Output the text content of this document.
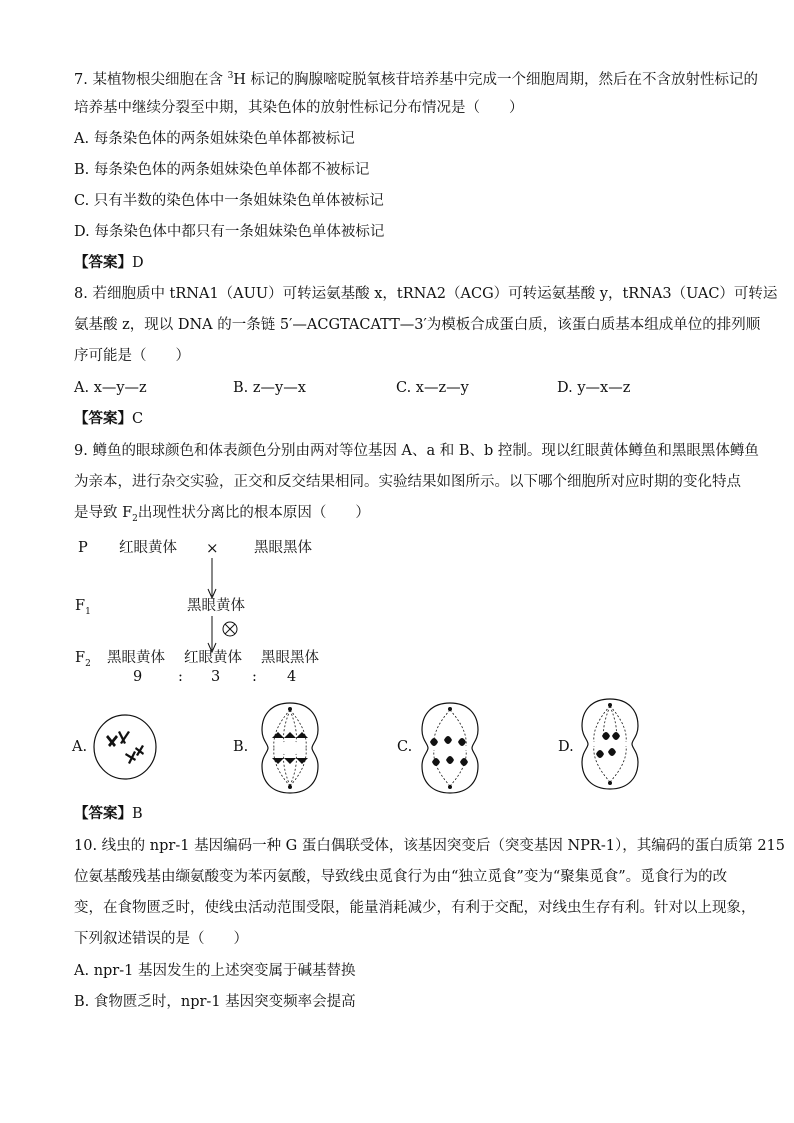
7. 某植物根尖细胞在含 $^3$H 标记的胸腺嘧啶脱氧核苷培养基中完成一个细胞周期，然后在不含放射性标记的
培养基中继续分裂至中期，其染色体的放射性标记分布情况是（　　）
A. 每条染色体的两条姐妹染色单体都被标记
B. 每条染色体的两条姐妹染色单体都不被标记
C. 只有半数的染色体中一条姐妹染色单体被标记
D. 每条染色体中都只有一条姐妹染色单体被标记
【答案】D
8. 若细胞质中 tRNA1（AUU）可转运氨基酸 x，tRNA2（ACG）可转运氨基酸 y，tRNA3（UAC）可转运
氨基酸 z，现以 DNA 的一条链 5′—ACGTACATT—3′为模板合成蛋白质，该蛋白质基本组成单位的排列顺
序可能是（　　）
A. x—y—z	B. z—y—x	C. x—z—y	D. y—x—z
【答案】C
9. 鳟鱼的眼球颜色和体表颜色分别由两对等位基因 A、a 和 B、b 控制。现以红眼黄体鳟鱼和黑眼黑体鳟鱼
为亲本，进行杂交实验，正交和反交结果相同。实验结果如图所示。以下哪个细胞所对应时期的变化特点
是导致 $F_2$出现性状分离比的根本原因（　　）
P 红眼黄体 × 黑眼黑体
$F_1$	黑眼黄体
$F_2$ 黑眼黄体 红眼黄体 黑眼黑体
9 : 3 : 4
A.	B.	C.	D.
【答案】B
10. 线虫的 npr-1 基因编码一种 G 蛋白偶联受体，该基因突变后（突变基因 NPR-1），其编码的蛋白质第 215
位氨基酸残基由缬氨酸变为苯丙氨酸，导致线虫觅食行为由“独立觅食”变为“聚集觅食”。觅食行为的改
变，在食物匮乏时，使线虫活动范围受限，能量消耗减少，有利于交配，对线虫生存有利。针对以上现象，
下列叙述错误的是（　　）
A. npr-1 基因发生的上述突变属于碱基替换
B. 食物匮乏时，npr-1 基因突变频率会提高
